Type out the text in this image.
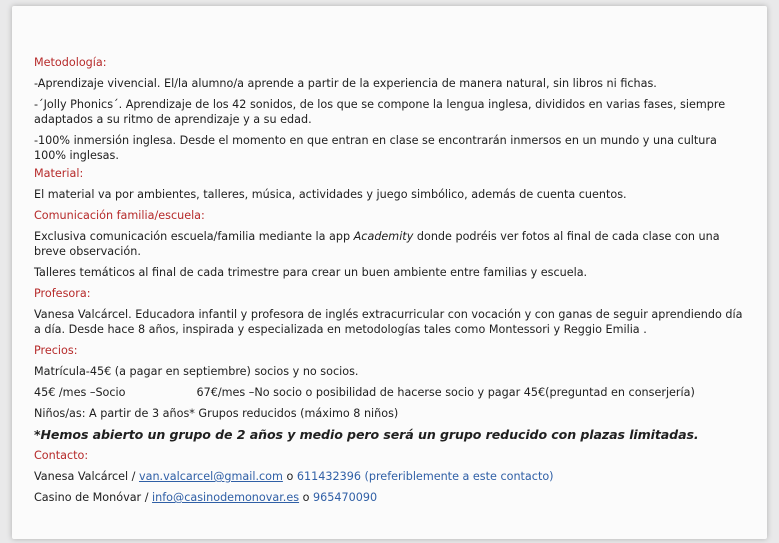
Metodología:
-Aprendizaje vivencial. El/la alumno/a aprende a partir de la experiencia de manera natural, sin libros ni fichas.
-´Jolly Phonics´. Aprendizaje de los 42 sonidos, de los que se compone la lengua inglesa, divididos en varias fases, siempre adaptados a su ritmo de aprendizaje y a su edad.
-100% inmersión inglesa. Desde el momento en que entran en clase se encontrarán inmersos en un mundo y una cultura 100% inglesas.
Material:
El material va por ambientes, talleres, música, actividades y juego simbólico, además de cuenta cuentos.
Comunicación familia/escuela:
Exclusiva comunicación escuela/familia mediante la app Academity donde podréis ver fotos al final de cada clase con una breve observación.
Talleres temáticos al final de cada trimestre para crear un buen ambiente entre familias y escuela.
Profesora:
Vanesa Valcárcel. Educadora infantil y profesora de inglés extracurricular con vocación y con ganas de seguir aprendiendo día a día. Desde hace 8 años, inspirada y especializada en metodologías tales como Montessori y Reggio Emilia .
Precios:
Matrícula-45€ (a pagar en septiembre) socios y no socios.
45€ /mes –Socio	67€/mes –No socio o posibilidad de hacerse socio y pagar 45€(preguntad en conserjería)
Niños/as: A partir de 3 años* Grupos reducidos (máximo 8 niños)
*Hemos abierto un grupo de 2 años y medio pero será un grupo reducido con plazas limitadas.
Contacto:
Vanesa Valcárcel / van.valcarcel@gmail.com o 611432396 (preferiblemente a este contacto)
Casino de Monóvar / info@casinodemonovar.es o 965470090
